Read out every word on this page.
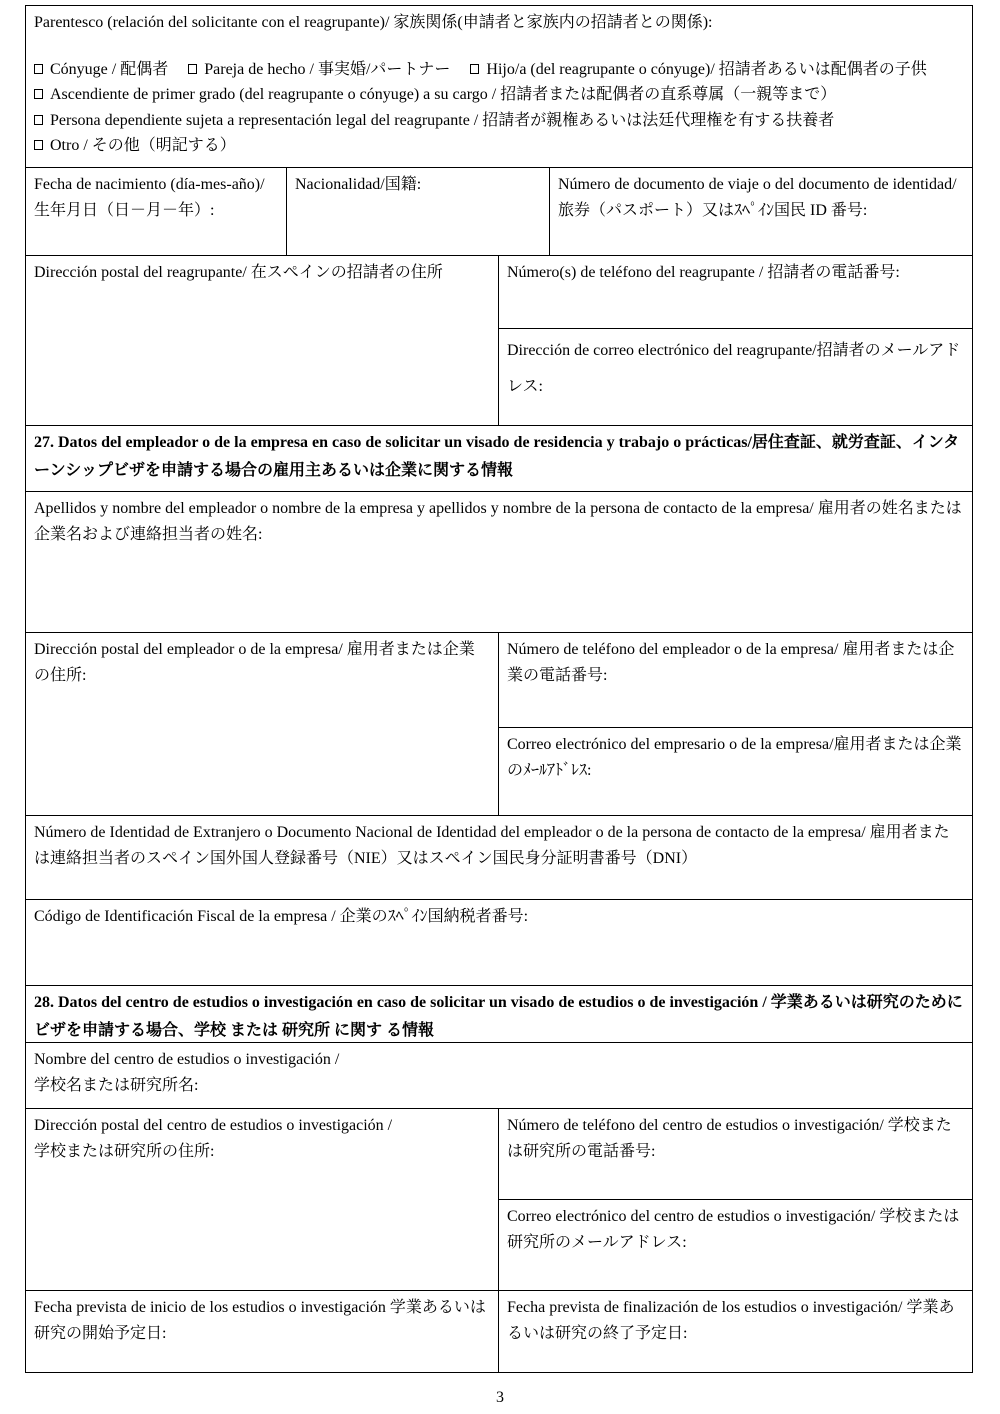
Parentesco (relación del solicitante con el reagrupante)/ 家族関係(申請者と家族内の招請者との関係):
Cónyuge / 配偶者 Pareja de hecho / 事実婚/パートナー Hijo/a (del reagrupante o cónyuge)/ 招請者あるいは配偶者の子供
Ascendiente de primer grado (del reagrupante o cónyuge) a su cargo / 招請者または配偶者の直系尊属（一親等まで）
Persona dependiente sujeta a representación legal del reagrupante / 招請者が親権あるいは法廷代理権を有する扶養者
Otro / その他（明記する）
Fecha de nacimiento (día-mes-año)/
生年月日（日－月－年）:
Nacionalidad/国籍:	Número de documento de viaje o del documento de identidad/旅券（パスポート）又はｽﾍﾟｲﾝ国民 ID 番号:
Dirección postal del reagrupante/ 在スペインの招請者の住所	Número(s) de teléfono del reagrupante / 招請者の電話番号:
Dirección de correo electrónico del reagrupante/招請者のメールアドレス:
27. Datos del empleador o de la empresa en caso de solicitar un visado de residencia y trabajo o prácticas/居住査証、就労査証、インターンシップビザを申請する場合の雇用主あるいは企業に関する情報
Apellidos y nombre del empleador o nombre de la empresa y apellidos y nombre de la persona de contacto de la empresa/ 雇用者の姓名または企業名および連絡担当者の姓名:
Dirección postal del empleador o de la empresa/ 雇用者または企業の住所:
Número de teléfono del empleador o de la empresa/ 雇用者または企業の電話番号:
Correo electrónico del empresario o de la empresa/雇用者または企業のﾒｰﾙｱﾄﾞﾚｽ:
Número de Identidad de Extranjero o Documento Nacional de Identidad del empleador o de la persona de contacto de la empresa/ 雇用者または連絡担当者のスペイン国外国人登録番号（NIE）又はスペイン国民身分証明書番号（DNI）
Código de Identificación Fiscal de la empresa / 企業のｽﾍﾟｲﾝ国納税者番号:
28. Datos del centro de estudios o investigación en caso de solicitar un visado de estudios o de investigación / 学業あるいは研究のために ビザを申請する場合、学校 または 研究所 に関す る情報
Nombre del centro de estudios o investigación /
学校名または研究所名:
Dirección postal del centro de estudios o investigación /
学校または研究所の住所:
Número de teléfono del centro de estudios o investigación/ 学校または研究所の電話番号:
Correo electrónico del centro de estudios o investigación/ 学校または研究所のメールアドレス:
Fecha prevista de inicio de los estudios o investigación 学業あるいは研究の開始予定日:
Fecha prevista de finalización de los estudios o investigación/ 学業あるいは研究の終了予定日:
3
